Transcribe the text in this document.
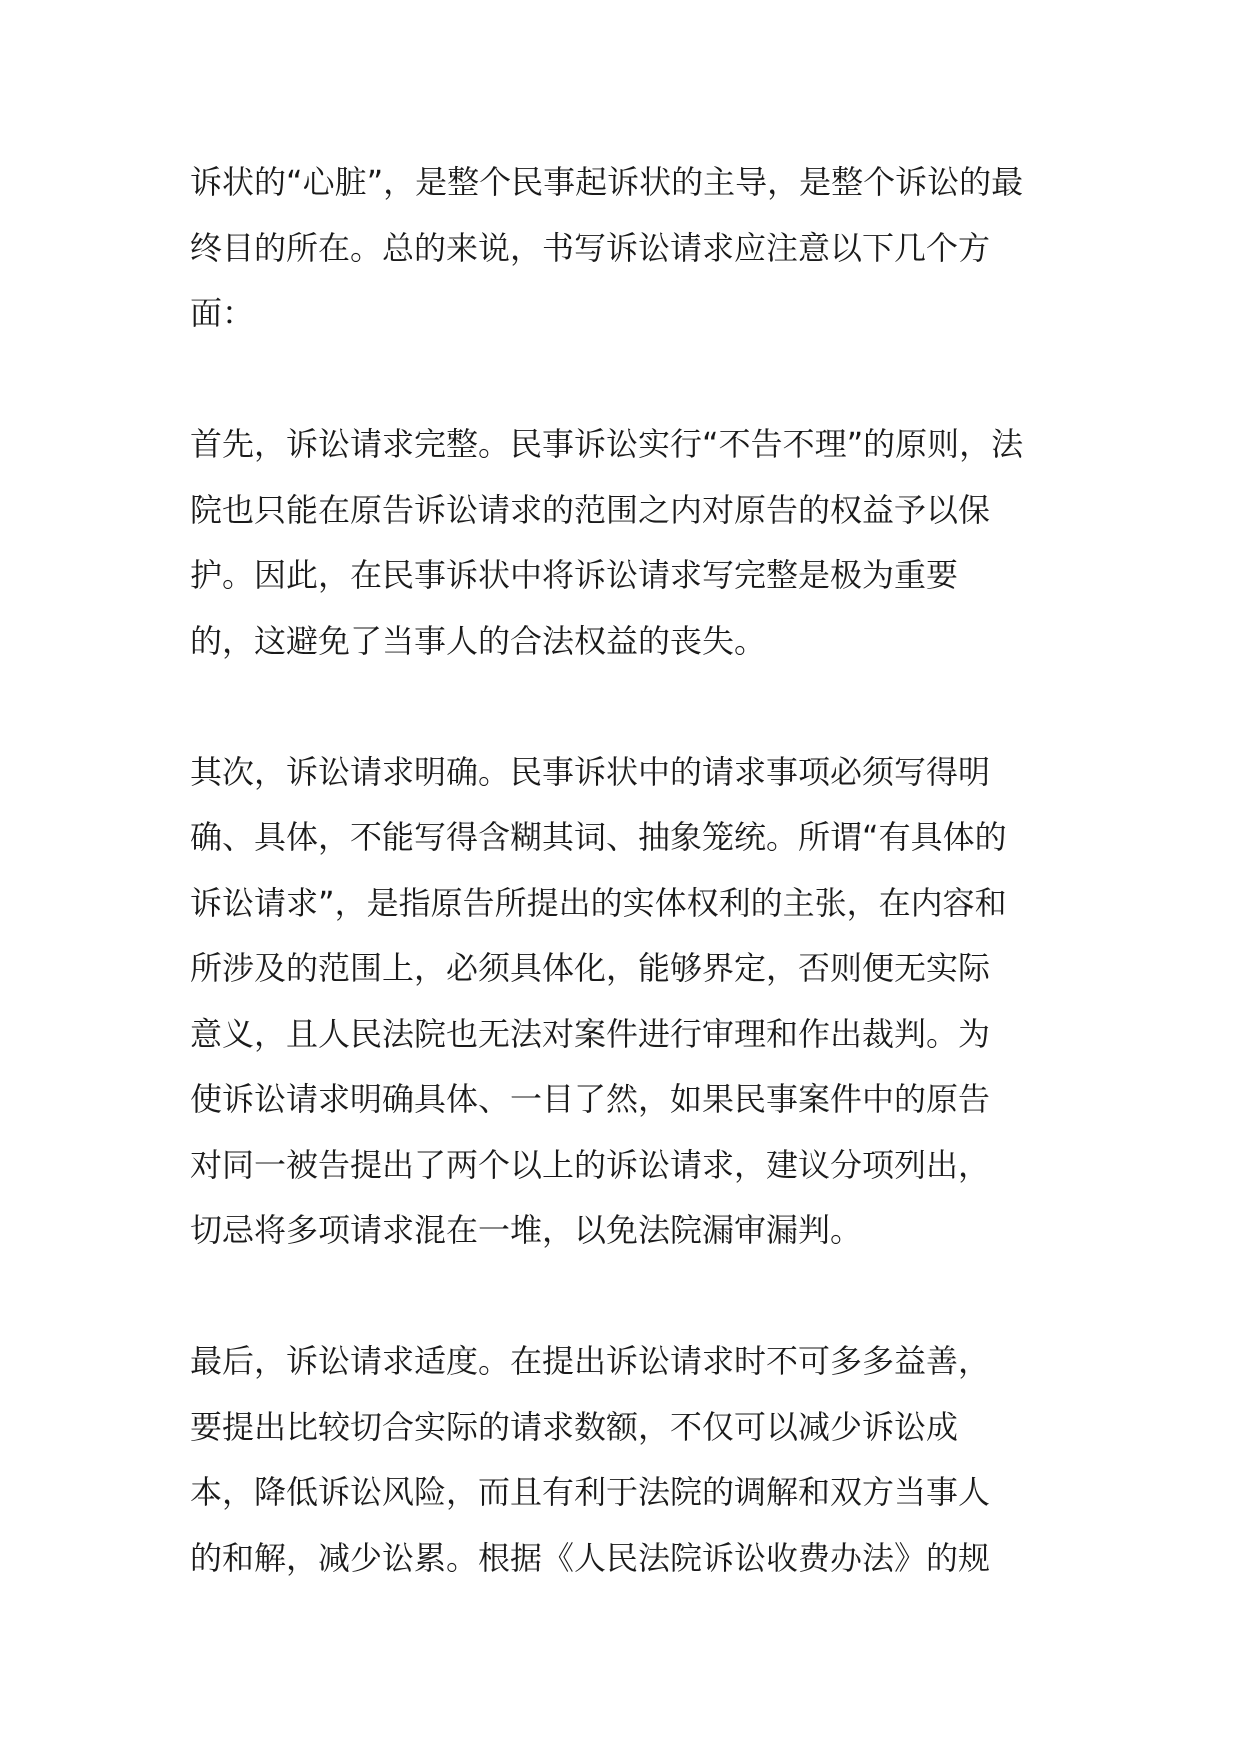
诉状的“心脏”，是整个民事起诉状的主导，是整个诉讼的最
终目的所在。总的来说，书写诉讼请求应注意以下几个方
面：

首先，诉讼请求完整。民事诉讼实行“不告不理”的原则，法
院也只能在原告诉讼请求的范围之内对原告的权益予以保
护。因此，在民事诉状中将诉讼请求写完整是极为重要
的，这避免了当事人的合法权益的丧失。

其次，诉讼请求明确。民事诉状中的请求事项必须写得明
确、具体，不能写得含糊其词、抽象笼统。所谓“有具体的
诉讼请求”，是指原告所提出的实体权利的主张，在内容和
所涉及的范围上，必须具体化，能够界定，否则便无实际
意义，且人民法院也无法对案件进行审理和作出裁判。为
使诉讼请求明确具体、一目了然，如果民事案件中的原告
对同一被告提出了两个以上的诉讼请求，建议分项列出，
切忌将多项请求混在一堆，以免法院漏审漏判。

最后，诉讼请求适度。在提出诉讼请求时不可多多益善，
要提出比较切合实际的请求数额，不仅可以减少诉讼成
本，降低诉讼风险，而且有利于法院的调解和双方当事人
的和解，减少讼累。根据《人民法院诉讼收费办法》的规
